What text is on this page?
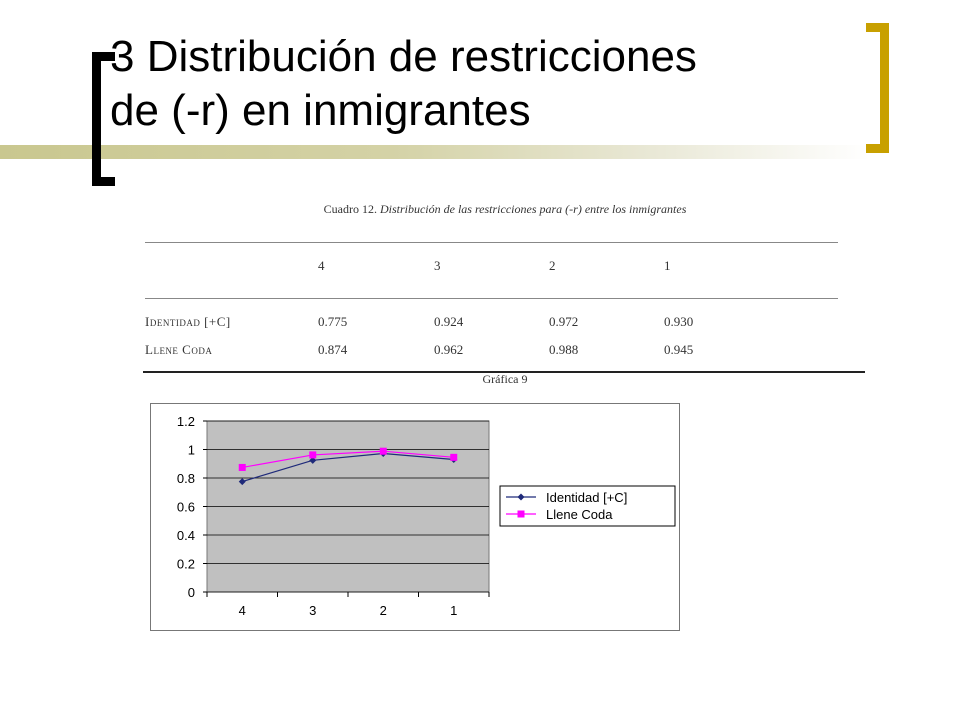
3 Distribución de restricciones
de (-r) en inmigrantes
Cuadro 12. Distribución de las restricciones para (-r) entre los inmigrantes
4	3	2	1
Identidad [+C]	0.775	0.924	0.972	0.930
Llene Coda	0.874	0.962	0.988	0.945
Gráfica 9
0
0.2
0.4
0.6
0.8
1
1.2
4	3	2	1
Identidad [+C]
Llene Coda
